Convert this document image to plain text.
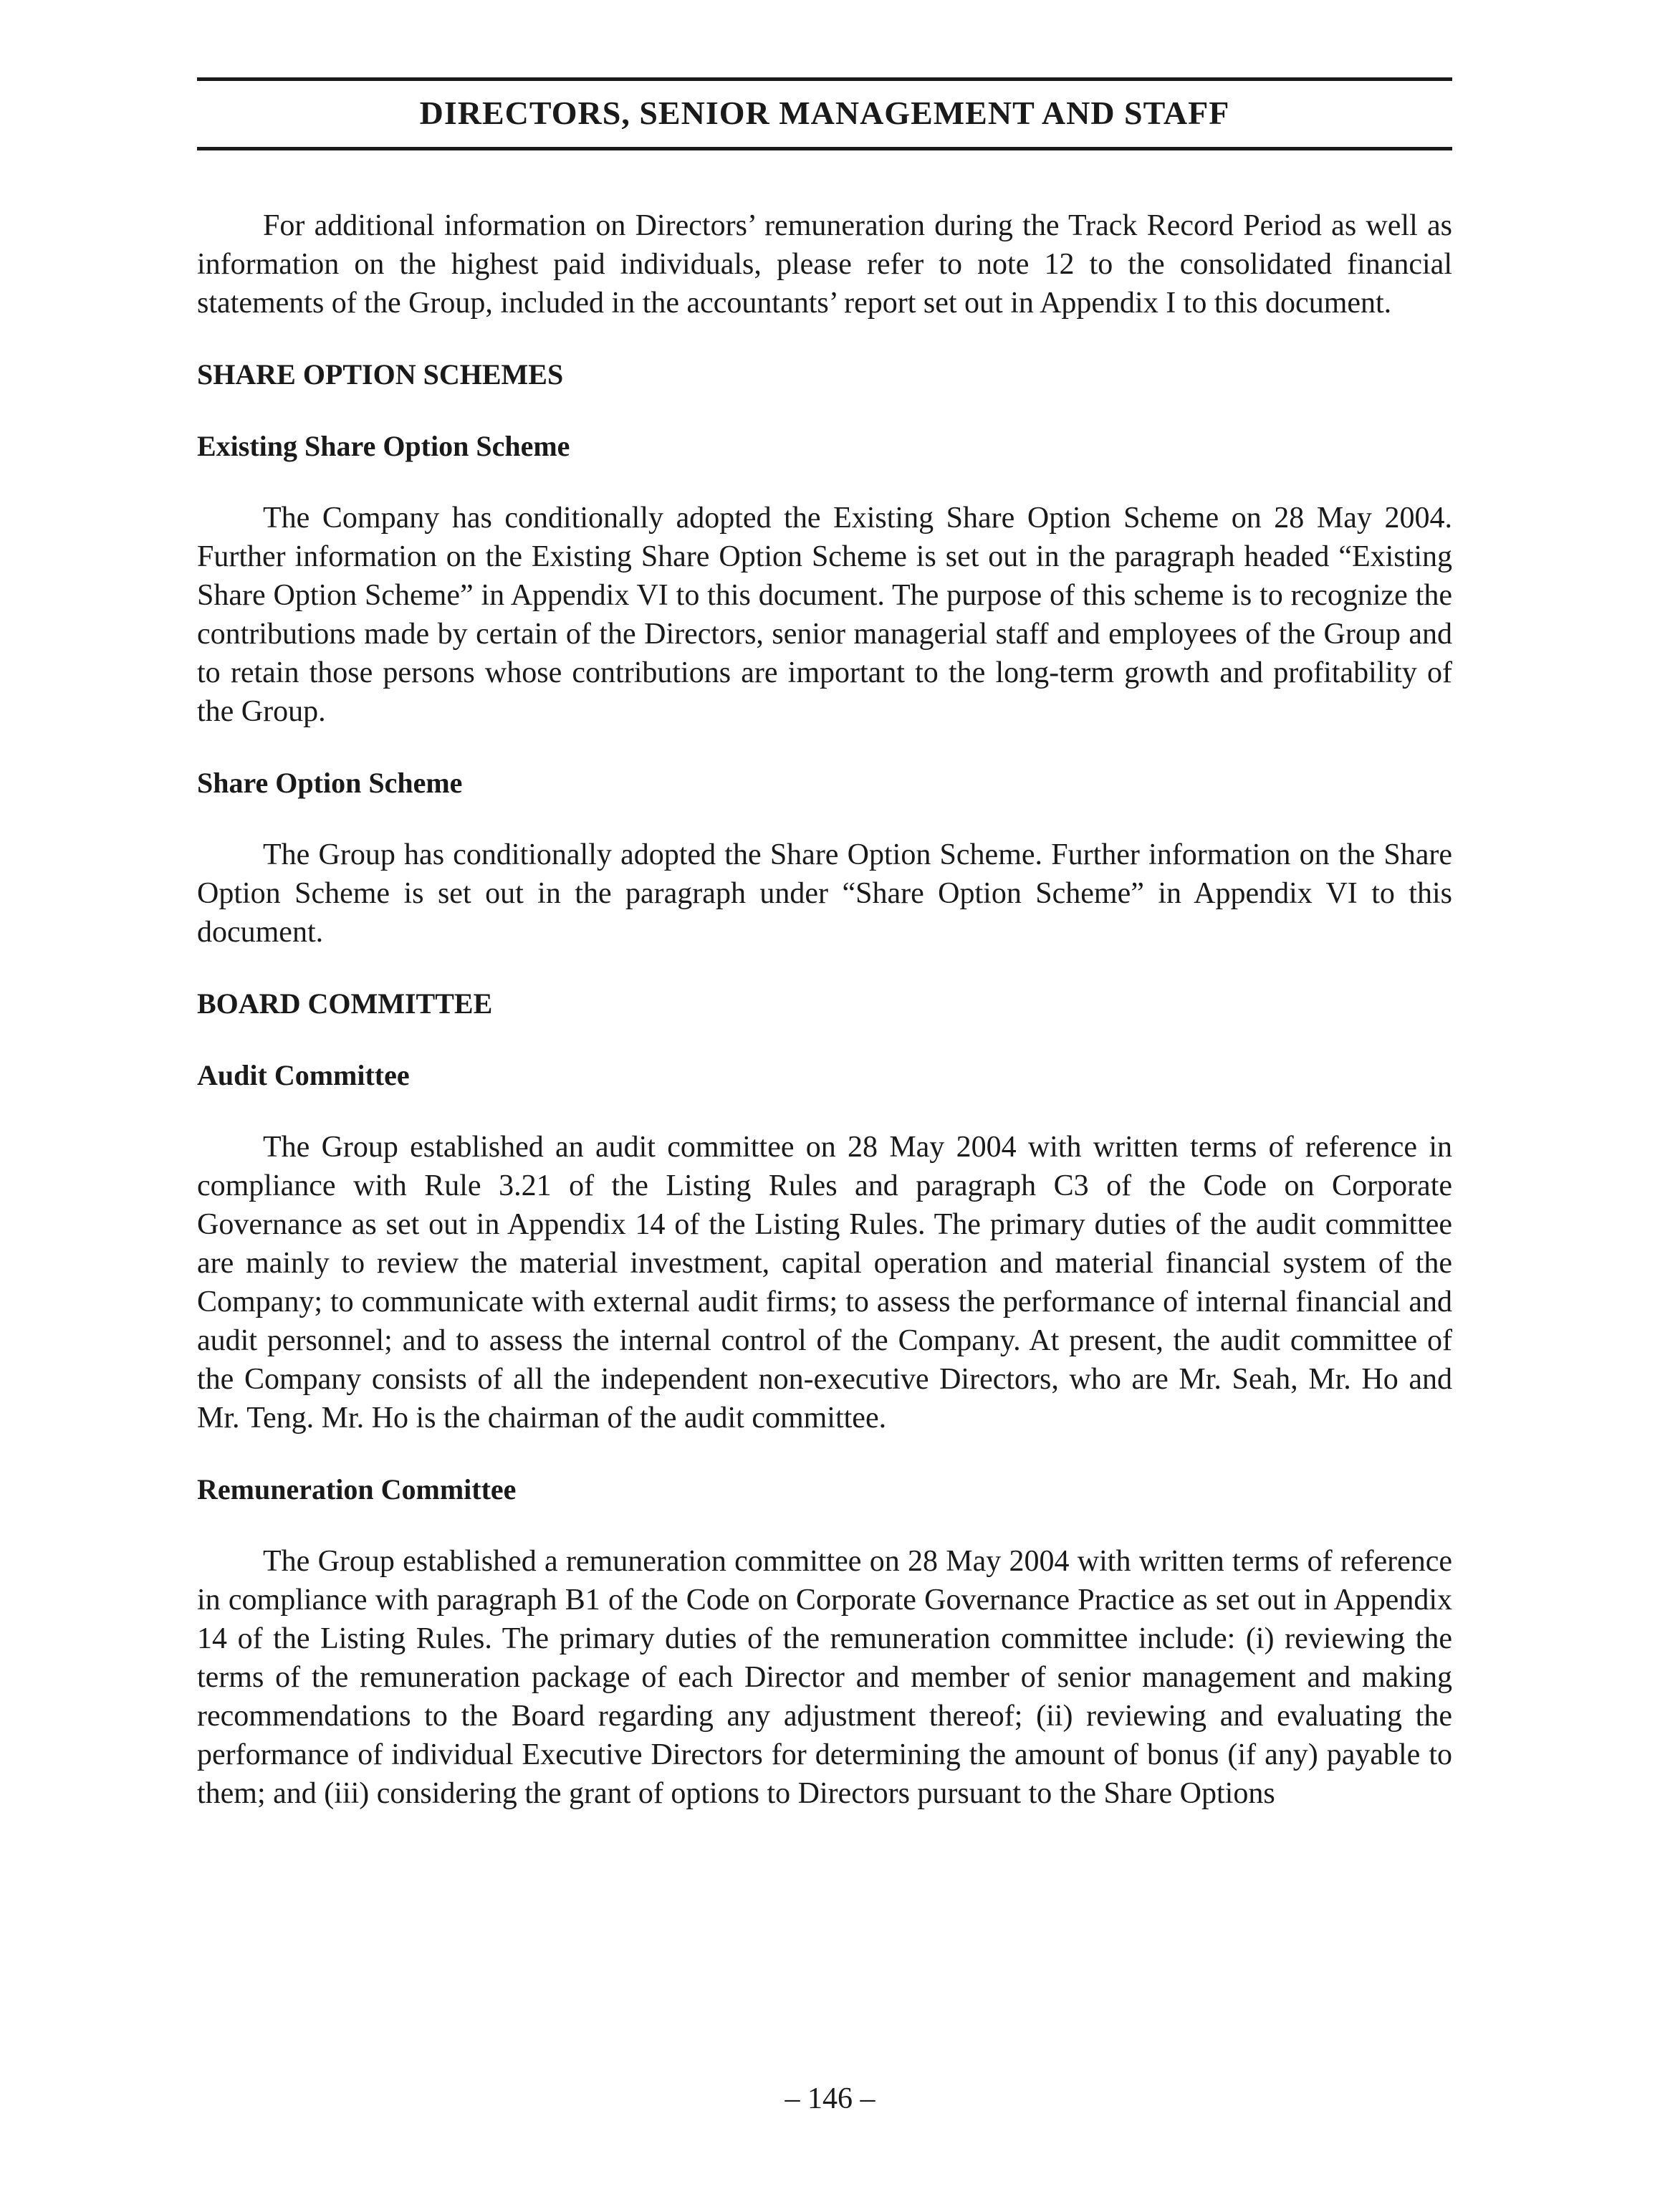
DIRECTORS, SENIOR MANAGEMENT AND STAFF

For additional information on Directors’ remuneration during the Track Record Period as well as information on the highest paid individuals, please refer to note 12 to the consolidated financial statements of the Group, included in the accountants’ report set out in Appendix I to this document.

SHARE OPTION SCHEMES
Existing Share Option Scheme

The Company has conditionally adopted the Existing Share Option Scheme on 28 May 2004. Further information on the Existing Share Option Scheme is set out in the paragraph headed “Existing Share Option Scheme” in Appendix VI to this document. The purpose of this scheme is to recognize the contributions made by certain of the Directors, senior managerial staff and employees of the Group and to retain those persons whose contributions are important to the long-term growth and profitability of the Group.

Share Option Scheme

The Group has conditionally adopted the Share Option Scheme. Further information on the Share Option Scheme is set out in the paragraph under “Share Option Scheme” in Appendix VI to this document.

BOARD COMMITTEE
Audit Committee

The Group established an audit committee on 28 May 2004 with written terms of reference in compliance with Rule 3.21 of the Listing Rules and paragraph C3 of the Code on Corporate Governance as set out in Appendix 14 of the Listing Rules. The primary duties of the audit committee are mainly to review the material investment, capital operation and material financial system of the Company; to communicate with external audit firms; to assess the performance of internal financial and audit personnel; and to assess the internal control of the Company. At present, the audit committee of the Company consists of all the independent non-executive Directors, who are Mr. Seah, Mr. Ho and Mr. Teng. Mr. Ho is the chairman of the audit committee.

Remuneration Committee

The Group established a remuneration committee on 28 May 2004 with written terms of reference in compliance with paragraph B1 of the Code on Corporate Governance Practice as set out in Appendix 14 of the Listing Rules. The primary duties of the remuneration committee include: (i) reviewing the terms of the remuneration package of each Director and member of senior management and making recommendations to the Board regarding any adjustment thereof; (ii) reviewing and evaluating the performance of individual Executive Directors for determining the amount of bonus (if any) payable to them; and (iii) considering the grant of options to Directors pursuant to the Share Options

– 146 –
